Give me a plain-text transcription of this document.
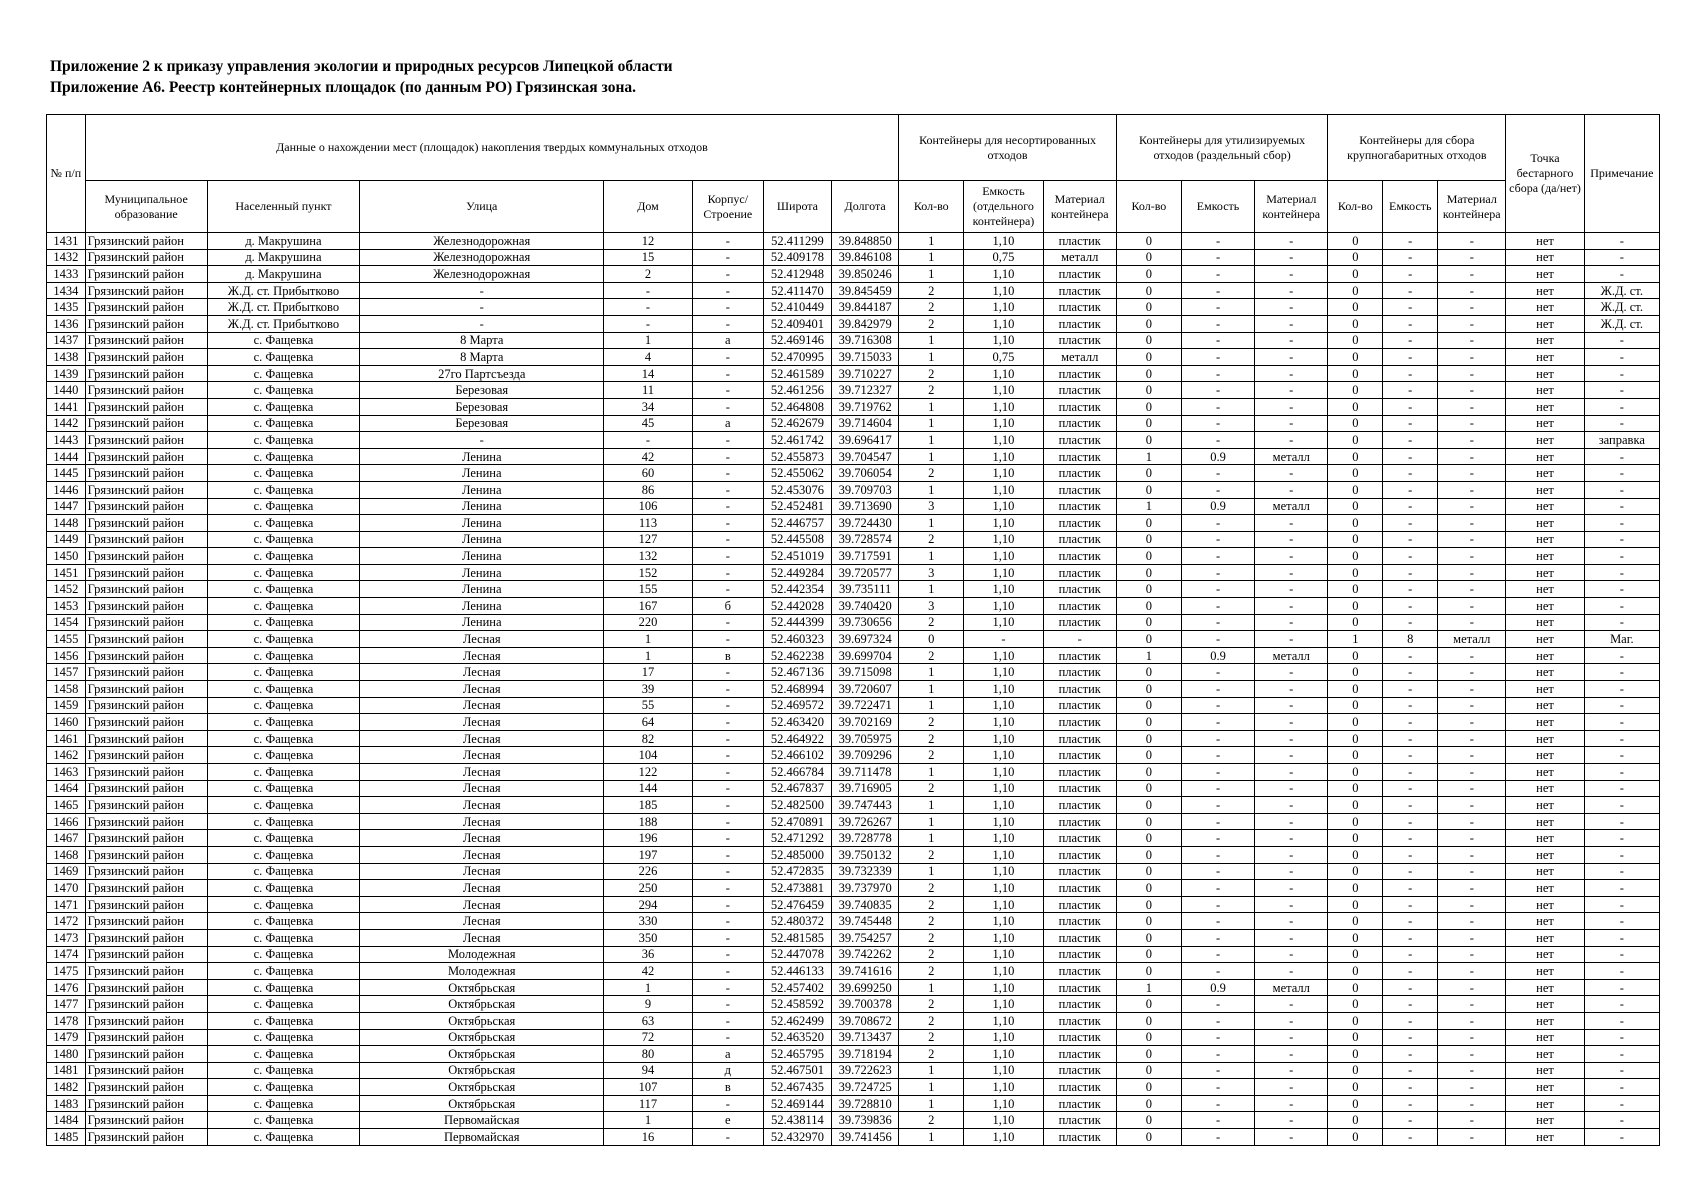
Приложение 2 к приказу управления экологии и природных ресурсов Липецкой области
Приложение А6. Реестр контейнерных площадок (по данным РО) Грязинская зона.
№ п/п	Данные о нахождении мест (площадок) накопления твердых коммунальных отходов							Контейнеры для несортированных отходов			Контейнеры для утилизируемых отходов (раздельный сбор)			Контейнеры для сбора крупногабаритных отходов			Точка бестарного сбора (да/нет)	Примечание
	Муниципальное образование	Населенный пункт	Улица	Дом	Корпус/ Строение	Широта	Долгота	Кол-во	Емкость (отдельного контейнера)	Материал контейнера	Кол-во	Емкость	Материал контейнера	Кол-во	Емкость	Материал контейнера		
1431	Грязинский район	д. Макрушина	Железнодорожная	12	-	52.411299	39.848850	1	1,10	пластик	0	-	-	0	-	-	нет	-
1432	Грязинский район	д. Макрушина	Железнодорожная	15	-	52.409178	39.846108	1	0,75	металл	0	-	-	0	-	-	нет	-
1433	Грязинский район	д. Макрушина	Железнодорожная	2	-	52.412948	39.850246	1	1,10	пластик	0	-	-	0	-	-	нет	-
1434	Грязинский район	Ж.Д. ст. Прибытково	-	-	-	52.411470	39.845459	2	1,10	пластик	0	-	-	0	-	-	нет	Ж.Д. ст.
1435	Грязинский район	Ж.Д. ст. Прибытково	-	-	-	52.410449	39.844187	2	1,10	пластик	0	-	-	0	-	-	нет	Ж.Д. ст.
1436	Грязинский район	Ж.Д. ст. Прибытково	-	-	-	52.409401	39.842979	2	1,10	пластик	0	-	-	0	-	-	нет	Ж.Д. ст.
1437	Грязинский район	с. Фащевка	8 Марта	1	а	52.469146	39.716308	1	1,10	пластик	0	-	-	0	-	-	нет	-
1438	Грязинский район	с. Фащевка	8 Марта	4	-	52.470995	39.715033	1	0,75	металл	0	-	-	0	-	-	нет	-
1439	Грязинский район	с. Фащевка	27го Партсъезда	14	-	52.461589	39.710227	2	1,10	пластик	0	-	-	0	-	-	нет	-
1440	Грязинский район	с. Фащевка	Березовая	11	-	52.461256	39.712327	2	1,10	пластик	0	-	-	0	-	-	нет	-
1441	Грязинский район	с. Фащевка	Березовая	34	-	52.464808	39.719762	1	1,10	пластик	0	-	-	0	-	-	нет	-
1442	Грязинский район	с. Фащевка	Березовая	45	а	52.462679	39.714604	1	1,10	пластик	0	-	-	0	-	-	нет	-
1443	Грязинский район	с. Фащевка	-	-	-	52.461742	39.696417	1	1,10	пластик	0	-	-	0	-	-	нет	заправка
1444	Грязинский район	с. Фащевка	Ленина	42	-	52.455873	39.704547	1	1,10	пластик	1	0.9	металл	0	-	-	нет	-
1445	Грязинский район	с. Фащевка	Ленина	60	-	52.455062	39.706054	2	1,10	пластик	0	-	-	0	-	-	нет	-
1446	Грязинский район	с. Фащевка	Ленина	86	-	52.453076	39.709703	1	1,10	пластик	0	-	-	0	-	-	нет	-
1447	Грязинский район	с. Фащевка	Ленина	106	-	52.452481	39.713690	3	1,10	пластик	1	0.9	металл	0	-	-	нет	-
1448	Грязинский район	с. Фащевка	Ленина	113	-	52.446757	39.724430	1	1,10	пластик	0	-	-	0	-	-	нет	-
1449	Грязинский район	с. Фащевка	Ленина	127	-	52.445508	39.728574	2	1,10	пластик	0	-	-	0	-	-	нет	-
1450	Грязинский район	с. Фащевка	Ленина	132	-	52.451019	39.717591	1	1,10	пластик	0	-	-	0	-	-	нет	-
1451	Грязинский район	с. Фащевка	Ленина	152	-	52.449284	39.720577	3	1,10	пластик	0	-	-	0	-	-	нет	-
1452	Грязинский район	с. Фащевка	Ленина	155	-	52.442354	39.735111	1	1,10	пластик	0	-	-	0	-	-	нет	-
1453	Грязинский район	с. Фащевка	Ленина	167	б	52.442028	39.740420	3	1,10	пластик	0	-	-	0	-	-	нет	-
1454	Грязинский район	с. Фащевка	Ленина	220	-	52.444399	39.730656	2	1,10	пластик	0	-	-	0	-	-	нет	-
1455	Грязинский район	с. Фащевка	Лесная	1	-	52.460323	39.697324	0	-	-	0	-	-	1	8	металл	нет	Маг.
1456	Грязинский район	с. Фащевка	Лесная	1	в	52.462238	39.699704	2	1,10	пластик	1	0.9	металл	0	-	-	нет	-
1457	Грязинский район	с. Фащевка	Лесная	17	-	52.467136	39.715098	1	1,10	пластик	0	-	-	0	-	-	нет	-
1458	Грязинский район	с. Фащевка	Лесная	39	-	52.468994	39.720607	1	1,10	пластик	0	-	-	0	-	-	нет	-
1459	Грязинский район	с. Фащевка	Лесная	55	-	52.469572	39.722471	1	1,10	пластик	0	-	-	0	-	-	нет	-
1460	Грязинский район	с. Фащевка	Лесная	64	-	52.463420	39.702169	2	1,10	пластик	0	-	-	0	-	-	нет	-
1461	Грязинский район	с. Фащевка	Лесная	82	-	52.464922	39.705975	2	1,10	пластик	0	-	-	0	-	-	нет	-
1462	Грязинский район	с. Фащевка	Лесная	104	-	52.466102	39.709296	2	1,10	пластик	0	-	-	0	-	-	нет	-
1463	Грязинский район	с. Фащевка	Лесная	122	-	52.466784	39.711478	1	1,10	пластик	0	-	-	0	-	-	нет	-
1464	Грязинский район	с. Фащевка	Лесная	144	-	52.467837	39.716905	2	1,10	пластик	0	-	-	0	-	-	нет	-
1465	Грязинский район	с. Фащевка	Лесная	185	-	52.482500	39.747443	1	1,10	пластик	0	-	-	0	-	-	нет	-
1466	Грязинский район	с. Фащевка	Лесная	188	-	52.470891	39.726267	1	1,10	пластик	0	-	-	0	-	-	нет	-
1467	Грязинский район	с. Фащевка	Лесная	196	-	52.471292	39.728778	1	1,10	пластик	0	-	-	0	-	-	нет	-
1468	Грязинский район	с. Фащевка	Лесная	197	-	52.485000	39.750132	2	1,10	пластик	0	-	-	0	-	-	нет	-
1469	Грязинский район	с. Фащевка	Лесная	226	-	52.472835	39.732339	1	1,10	пластик	0	-	-	0	-	-	нет	-
1470	Грязинский район	с. Фащевка	Лесная	250	-	52.473881	39.737970	2	1,10	пластик	0	-	-	0	-	-	нет	-
1471	Грязинский район	с. Фащевка	Лесная	294	-	52.476459	39.740835	2	1,10	пластик	0	-	-	0	-	-	нет	-
1472	Грязинский район	с. Фащевка	Лесная	330	-	52.480372	39.745448	2	1,10	пластик	0	-	-	0	-	-	нет	-
1473	Грязинский район	с. Фащевка	Лесная	350	-	52.481585	39.754257	2	1,10	пластик	0	-	-	0	-	-	нет	-
1474	Грязинский район	с. Фащевка	Молодежная	36	-	52.447078	39.742262	2	1,10	пластик	0	-	-	0	-	-	нет	-
1475	Грязинский район	с. Фащевка	Молодежная	42	-	52.446133	39.741616	2	1,10	пластик	0	-	-	0	-	-	нет	-
1476	Грязинский район	с. Фащевка	Октябрьская	1	-	52.457402	39.699250	1	1,10	пластик	1	0.9	металл	0	-	-	нет	-
1477	Грязинский район	с. Фащевка	Октябрьская	9	-	52.458592	39.700378	2	1,10	пластик	0	-	-	0	-	-	нет	-
1478	Грязинский район	с. Фащевка	Октябрьская	63	-	52.462499	39.708672	2	1,10	пластик	0	-	-	0	-	-	нет	-
1479	Грязинский район	с. Фащевка	Октябрьская	72	-	52.463520	39.713437	2	1,10	пластик	0	-	-	0	-	-	нет	-
1480	Грязинский район	с. Фащевка	Октябрьская	80	а	52.465795	39.718194	2	1,10	пластик	0	-	-	0	-	-	нет	-
1481	Грязинский район	с. Фащевка	Октябрьская	94	д	52.467501	39.722623	1	1,10	пластик	0	-	-	0	-	-	нет	-
1482	Грязинский район	с. Фащевка	Октябрьская	107	в	52.467435	39.724725	1	1,10	пластик	0	-	-	0	-	-	нет	-
1483	Грязинский район	с. Фащевка	Октябрьская	117	-	52.469144	39.728810	1	1,10	пластик	0	-	-	0	-	-	нет	-
1484	Грязинский район	с. Фащевка	Первомайская	1	е	52.438114	39.739836	2	1,10	пластик	0	-	-	0	-	-	нет	-
1485	Грязинский район	с. Фащевка	Первомайская	16	-	52.432970	39.741456	1	1,10	пластик	0	-	-	0	-	-	нет	-
